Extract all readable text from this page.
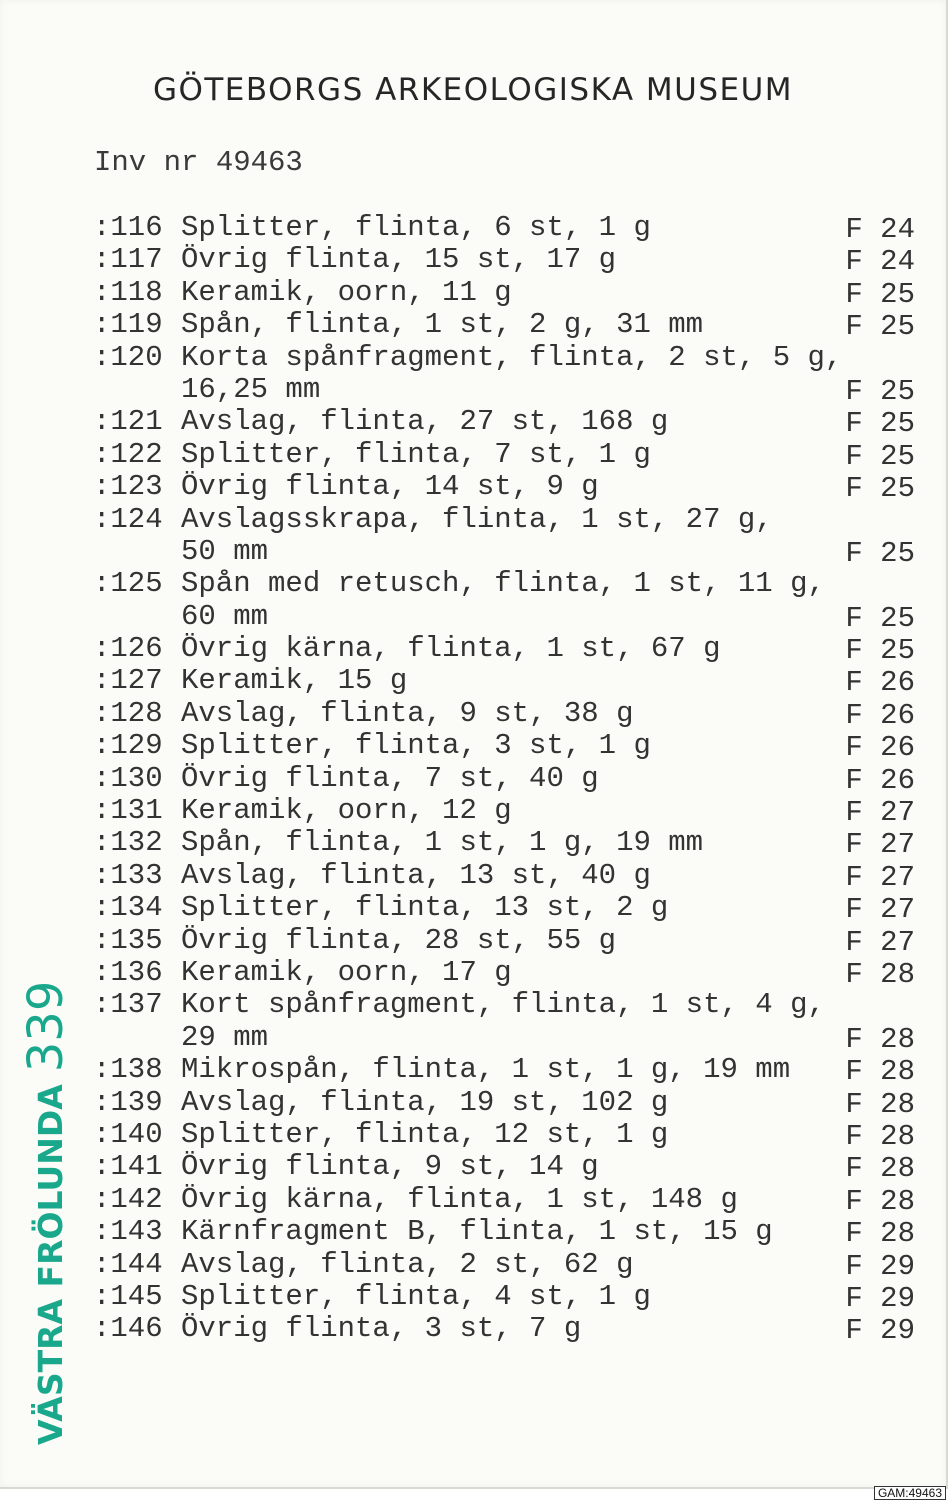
GÖTEBORGS ARKEOLOGISKA MUSEUM
Inv nr 49463
:116 Splitter, flinta, 6 st, 1 g	F 24
:117 Övrig flinta, 15 st, 17 g	F 24
:118 Keramik, oorn, 11 g	F 25
:119 Spån, flinta, 1 st, 2 g, 31 mm	F 25
:120 Korta spånfragment, flinta, 2 st, 5 g,
16,25 mm	F 25
:121 Avslag, flinta, 27 st, 168 g	F 25
:122 Splitter, flinta, 7 st, 1 g	F 25
:123 Övrig flinta, 14 st, 9 g	F 25
:124 Avslagsskrapa, flinta, 1 st, 27 g,
50 mm	F 25
:125 Spån med retusch, flinta, 1 st, 11 g,
60 mm	F 25
:126 Övrig kärna, flinta, 1 st, 67 g	F 25
:127 Keramik, 15 g	F 26
:128 Avslag, flinta, 9 st, 38 g	F 26
:129 Splitter, flinta, 3 st, 1 g	F 26
:130 Övrig flinta, 7 st, 40 g	F 26
:131 Keramik, oorn, 12 g	F 27
:132 Spån, flinta, 1 st, 1 g, 19 mm	F 27
:133 Avslag, flinta, 13 st, 40 g	F 27
:134 Splitter, flinta, 13 st, 2 g	F 27
:135 Övrig flinta, 28 st, 55 g	F 27
:136 Keramik, oorn, 17 g	F 28
:137 Kort spånfragment, flinta, 1 st, 4 g,
29 mm	F 28
:138 Mikrospån, flinta, 1 st, 1 g, 19 mm F 28
:139 Avslag, flinta, 19 st, 102 g	F 28
:140 Splitter, flinta, 12 st, 1 g	F 28
:141 Övrig flinta, 9 st, 14 g	F 28
:142 Övrig kärna, flinta, 1 st, 148 g	F 28
:143 Kärnfragment B, flinta, 1 st, 15 g	F 28
:144 Avslag, flinta, 2 st, 62 g	F 29
:145 Splitter, flinta, 4 st, 1 g	F 29
:146 Övrig flinta, 3 st, 7 g	F 29
VÄSTRA FRÖLUNDA339
GAM:49463
